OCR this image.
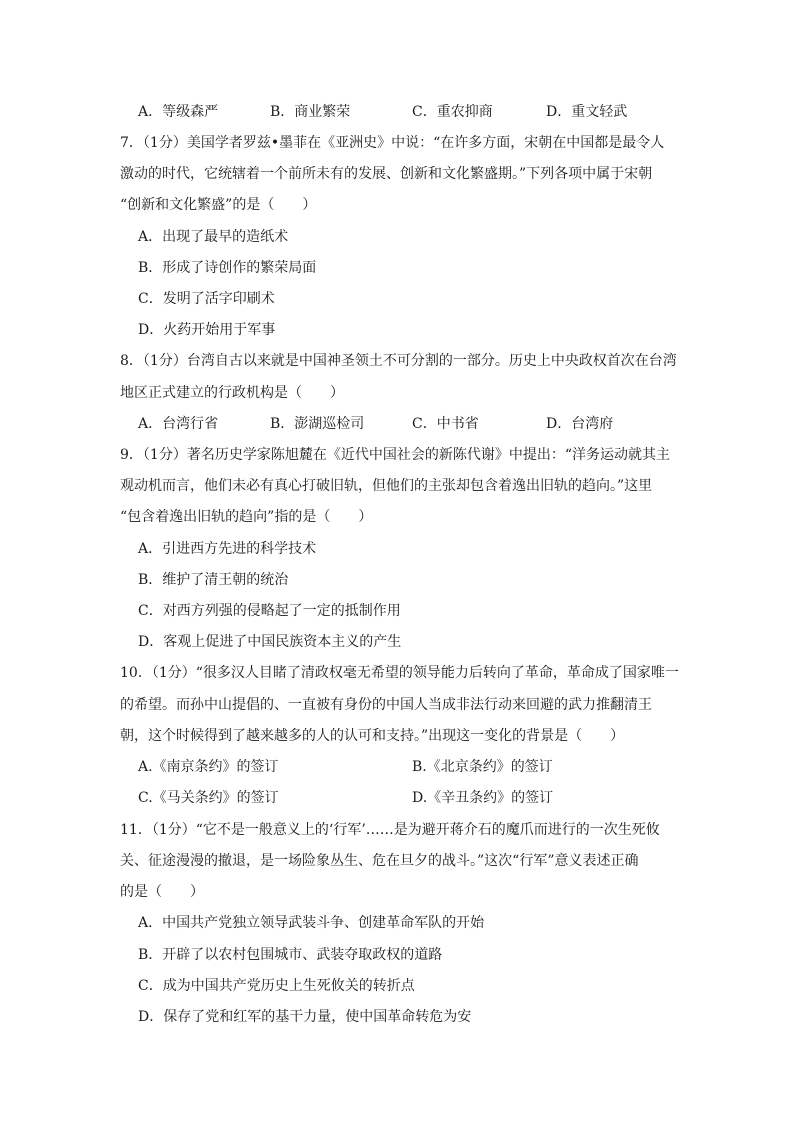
A．等级森严	B．商业繁荣	C．重农抑商	D．重文轻武
7．（1分）美国学者罗兹•墨菲在《亚洲史》中说：“在许多方面，宋朝在中国都是最令人
激动的时代，它统辖着一个前所未有的发展、创新和文化繁盛期。”下列各项中属于宋朝
“创新和文化繁盛”的是（　　）
A．出现了最早的造纸术
B．形成了诗创作的繁荣局面
C．发明了活字印刷术
D．火药开始用于军事
8．（1分）台湾自古以来就是中国神圣领土不可分割的一部分。历史上中央政权首次在台湾
地区正式建立的行政机构是（　　）
A．台湾行省	B．澎湖巡检司	C．中书省	D．台湾府
9．（1分）著名历史学家陈旭麓在《近代中国社会的新陈代谢》中提出：“洋务运动就其主
观动机而言，他们未必有真心打破旧轨，但他们的主张却包含着逸出旧轨的趋向。”这里
“包含着逸出旧轨的趋向”指的是（　　）
A．引进西方先进的科学技术
B．维护了清王朝的统治
C．对西方列强的侵略起了一定的抵制作用
D．客观上促进了中国民族资本主义的产生
10．（1分）“很多汉人目睹了清政权毫无希望的领导能力后转向了革命，革命成了国家唯一
的希望。而孙中山提倡的、一直被有身份的中国人当成非法行动来回避的武力推翻清王
朝，这个时候得到了越来越多的人的认可和支持。”出现这一变化的背景是（　　）
A.《南京条约》的签订	B.《北京条约》的签订
C.《马关条约》的签订	D.《辛丑条约》的签订
11．（1分）“它不是一般意义上的‘行军’……是为避开蒋介石的魔爪而进行的一次生死攸
关、征途漫漫的撤退，是一场险象丛生、危在旦夕的战斗。”这次“行军”意义表述正确
的是（　　）
A．中国共产党独立领导武装斗争、创建革命军队的开始
B．开辟了以农村包围城市、武装夺取政权的道路
C．成为中国共产党历史上生死攸关的转折点
D．保存了党和红军的基干力量，使中国革命转危为安
